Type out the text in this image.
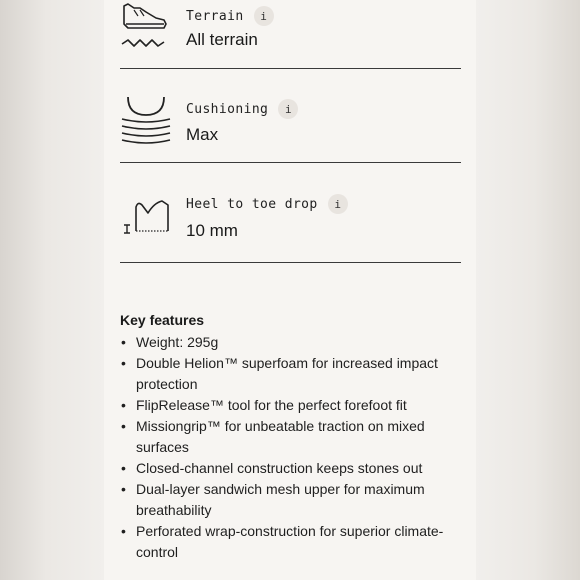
Terrain	i
All terrain
Cushioning	i
Max
Heel to toe drop	i
10 mm
Key features
• Weight: 295g
• Double Helion™ superfoam for increased impact protection
• FlipRelease™ tool for the perfect forefoot fit
• Missiongrip™ for unbeatable traction on mixed surfaces
• Closed-channel construction keeps stones out
• Dual-layer sandwich mesh upper for maximum breathability
• Perforated wrap-construction for superior climate-control
